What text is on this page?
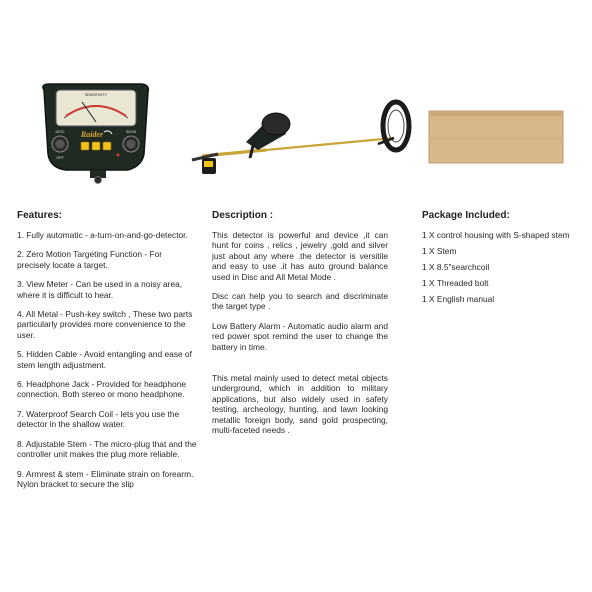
SENSITIVITY
Raider
DISC	SENS
OFF
Features:

1. Fully automatic - a-turn-on-and-go-detector.

2. Zero Motion Targeting Function - For precisely locate a target.

3. View Meter - Can be used in a noisy area, where it is difficult to hear.

4. All Metal - Push-key switch , These two parts particularly provides more convenience to the user.

5. Hidden Cable - Avoid entangling and ease of stem length adjustment.

6. Headphone Jack - Provided for headphone connection. Both stereo or mono headphone.

7. Waterproof Search Coil - lets you use the detector in the shallow water.

8. Adjustable Stem - The micro-plug that and the controller unit makes the plug more reliable.

9. Armrest & stem - Eliminate strain on forearm. Nylon bracket to secure the slip

Description :

This detector is powerful and device ,it can hunt for coins , relics , jewelry ,gold and silver just about any where .the detector is versitile and easy to use .it has auto ground balance used in Disc and All Metal Mode .

Disc can help you to search and discriminate the target type .

Low Battery Alarm - Automatic audio alarm and red power spot remind the user to change the battery in time.

This metal mainly used to detect metal objects underground, which in addition to military applications, but also widely used in safety testing, archeology, hunting, and lawn looking metallic foreign body, sand gold prospecting, multi-faceted needs .

Package Included:
1 X control housing with S-shaped stem
1 X Stem
1 X 8.5"searchcoil
1 X Threaded bolt
1 X English manual
